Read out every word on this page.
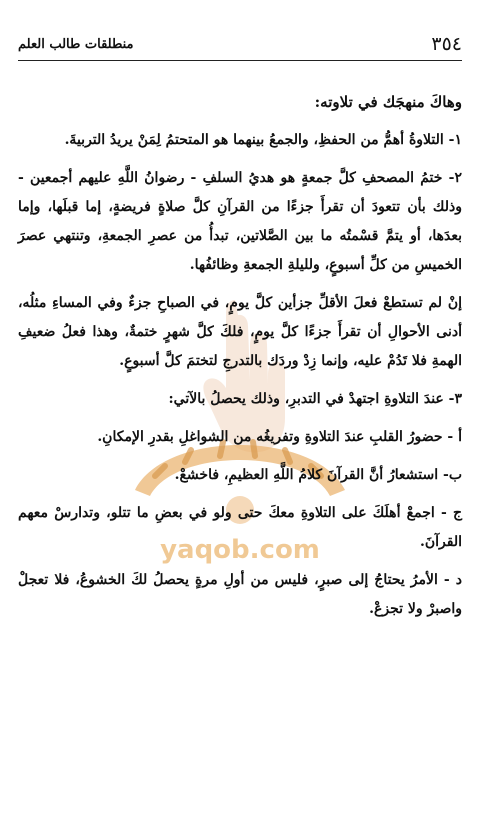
٣٥٤
منطلقات طالب العلم
yaqob.com

وهاكَ منهجَك في تلاوته:

١- التلاوةُ أهمُّ من الحفظِ، والجمعُ بينهما هو المتحتمُ لِمَنْ يريدُ التربيةَ.

٢- ختمُ المصحفِ كلَّ جمعةٍ هو هديُ السلفِ - رضوانُ اللَّهِ عليهم أجمعين - وذلك بأن تتعودَ أن تقرأَ جزءًا من القرآنِ كلَّ صلاةٍ فريضةٍ، إما قبلَها، وإما بعدَها، أو يتمَّ قسْمتُه ما بين الصَّلاتين، تبدأُ من عصرِ الجمعةِ، وتنتهي عصرَ الخميسِ من كلِّ أسبوعٍ، ولليلةِ الجمعةِ وظائفُها.

إنْ لم تستطعْ فعلَ الأقلِّ جزأين كلَّ يومٍ، في الصباحِ جزءٌ وفي المساءِ مثلُه، أدنى الأحوالِ أن تقرأَ جزءًا كلَّ يومٍ، فلكَ كلَّ شهرٍ ختمةٌ، وهذا فعلُ ضعيفِ الهمةِ فلا تَدُمْ عليه، وإنما زِدْ وردَك بالتدرجِ لتختمَ كلَّ أسبوعٍ.

٣- عندَ التلاوةِ اجتهدْ في التدبرِ، وذلك يحصلُ بالآتي:

أ - حضورُ القلبِ عندَ التلاوةِ وتفريغُه من الشواغلِ بقدرِ الإمكانِ.

ب- استشعارُ أنَّ القرآنَ كلامُ اللَّهِ العظيمِ، فاخشعْ.

ج - اجمعْ أهلَكَ على التلاوةِ معكَ حتى ولو في بعضِ ما تتلو، وتدارسْ معهم القرآنَ.

د - الأمرُ يحتاجُ إلى صبرٍ، فليس من أولِ مرةٍ يحصلُ لكَ الخشوعُ، فلا تعجلْ واصبرْ ولا تجزعْ.
